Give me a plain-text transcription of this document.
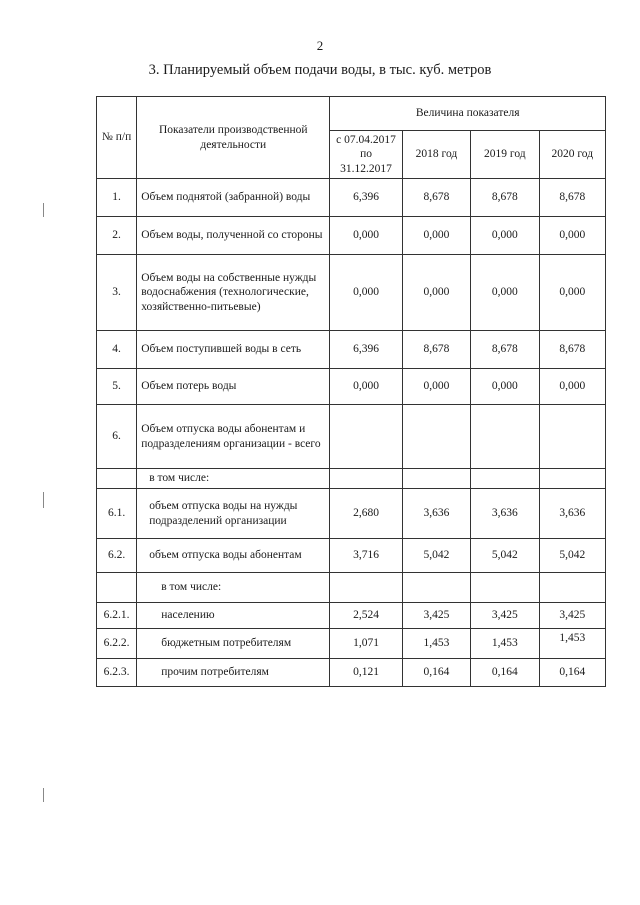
2
3. Планируемый объем подачи воды, в тыс. куб. метров
№ п/п	Показатели производственной деятельности	Величина показателя			
		с 07.04.2017 по 31.12.2017	2018 год	2019 год	2020 год
1.	Объем поднятой (забранной) воды	6,396	8,678	8,678	8,678
2.	Объем воды, полученной со стороны	0,000	0,000	0,000	0,000
3.	Объем воды на собственные нужды водоснабжения (технологические, хозяйственно-питьевые)	0,000	0,000	0,000	0,000
4.	Объем поступившей воды в сеть	6,396	8,678	8,678	8,678
5.	Объем потерь воды	0,000	0,000	0,000	0,000
6.	Объем отпуска воды абонентам и подразделениям организации - всего				
	в том числе:				
6.1.	объем отпуска воды на нужды подразделений организации	2,680	3,636	3,636	3,636
6.2.	объем отпуска воды абонентам	3,716	5,042	5,042	5,042
	в том числе:				
6.2.1.	населению	2,524	3,425	3,425	3,425
6.2.2.	бюджетным потребителям	1,071	1,453	1,453	1,453
6.2.3.	прочим потребителям	0,121	0,164	0,164	0,164
